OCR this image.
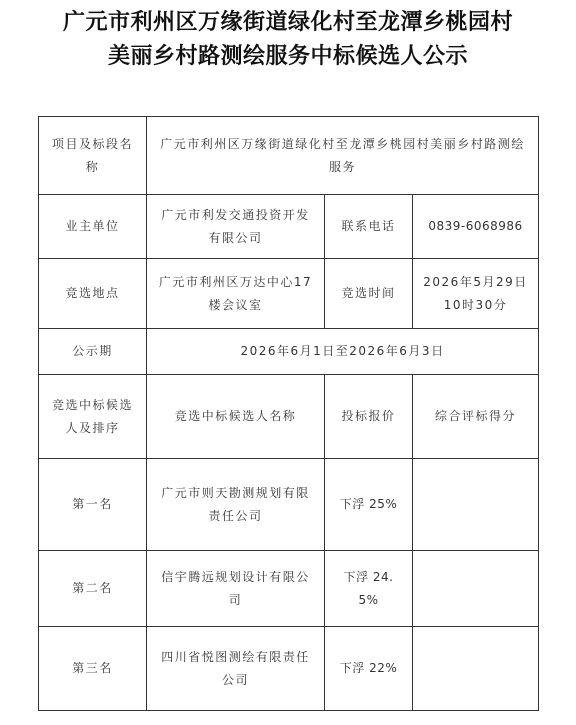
广元市利州区万缘街道绿化村至龙潭乡桃园村
美丽乡村路测绘服务中标候选人公示
项目及标段名称	广元市利州区万缘街道绿化村至龙潭乡桃园村美丽乡村路测绘服务		
业主单位	广元市利发交通投资开发有限公司	联系电话	0839-6068986
竞选地点	广元市利州区万达中心17楼会议室	竞选时间	2026年5月29日10时30分
公示期	2026年6月1日至2026年6月3日		
竞选中标候选人及排序	竞选中标候选人名称	投标报价	综合评标得分
第一名	广元市则天勘测规划有限责任公司	下浮 25%	
第二名	信宇腾远规划设计有限公司	下浮 24.5%	
第三名	四川省悦图测绘有限责任公司	下浮 22%	
